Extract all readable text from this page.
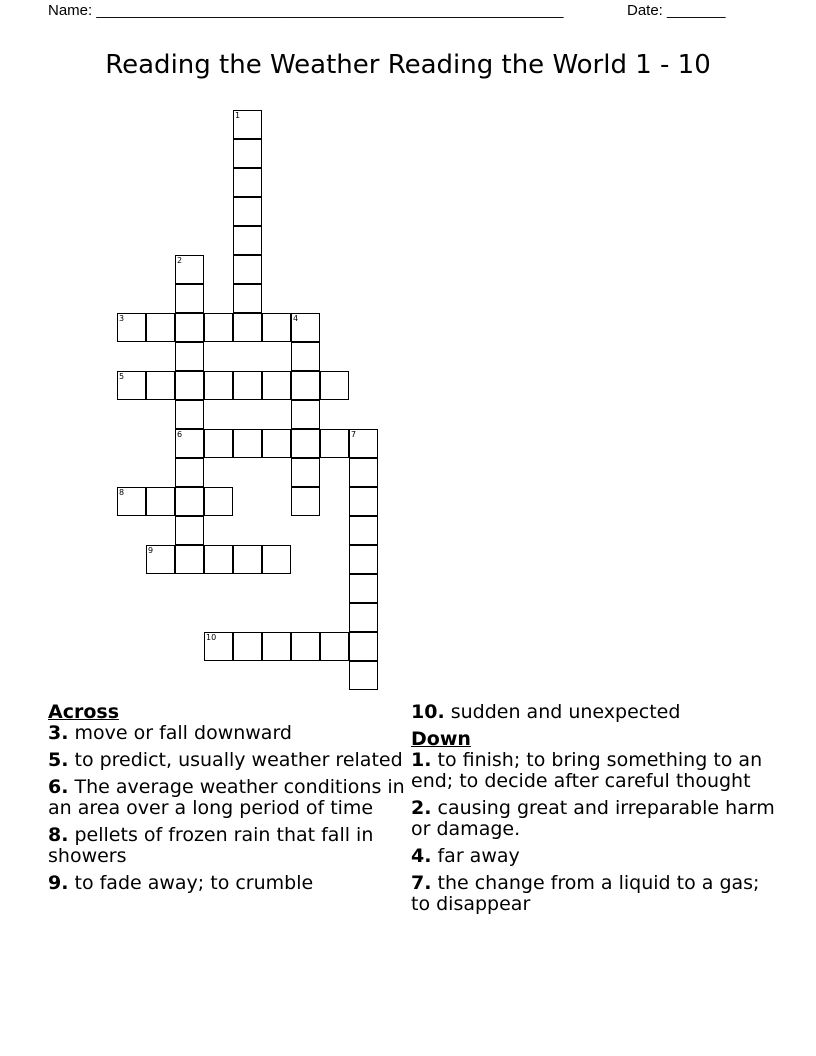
Name: ________________________________________________________	Date: _______
Reading the Weather Reading the World 1 - 10
1
2
6
3	4
5
7
8
9
10
Across
3. move or fall downward
5. to predict, usually weather related
6. The average weather conditions in an area over a long period of time
8. pellets of frozen rain that fall in showers
9. to fade away; to crumble
10. sudden and unexpected
Down
1. to finish; to bring something to an end; to decide after careful thought
2. causing great and irreparable harm or damage.
4. far away
7. the change from a liquid to a gas; to disappear
